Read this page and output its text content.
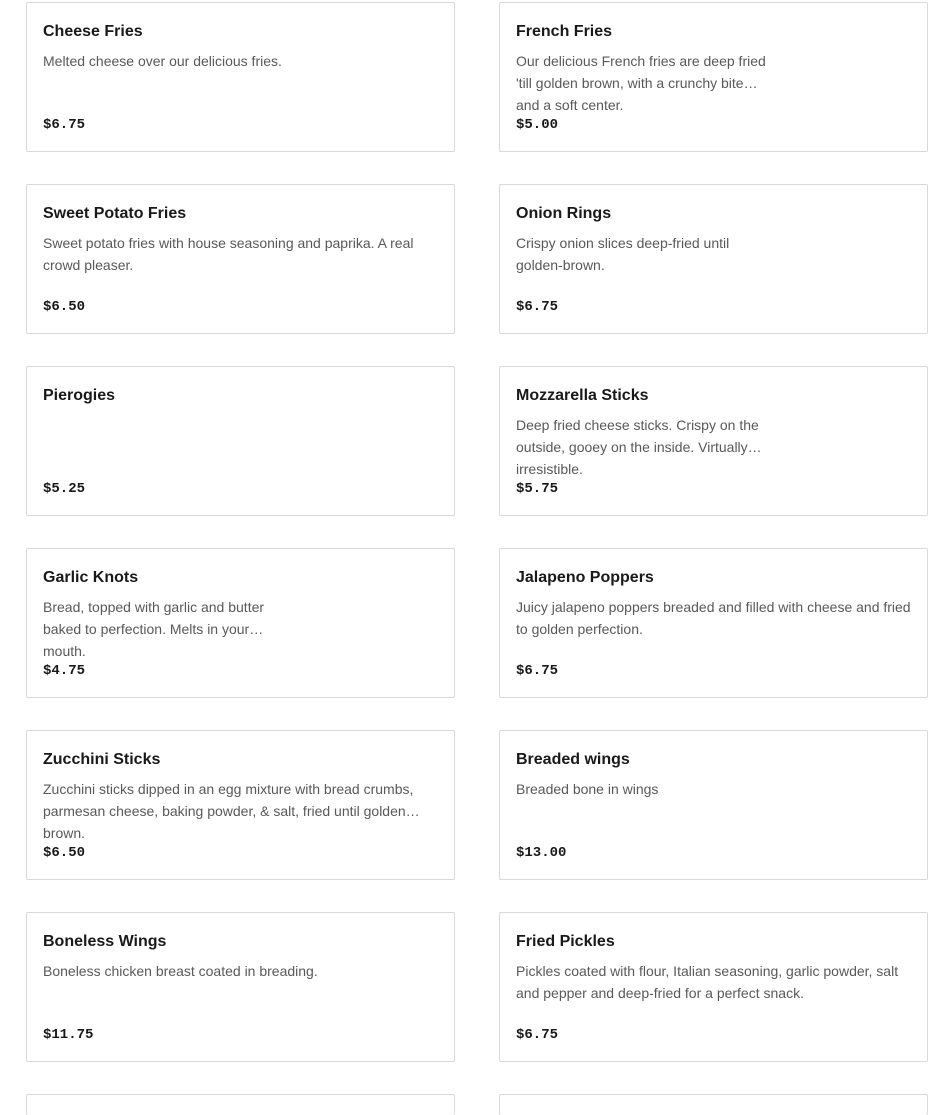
Cheese Fries
Melted cheese over our delicious fries.
$6.75
French Fries
Our delicious French fries are deep fried 'till golden brown, with a crunchy bite and a soft center.
$5.00
Sweet Potato Fries
Sweet potato fries with house seasoning and paprika. A real crowd pleaser.
$6.50
Onion Rings
Crispy onion slices deep-fried until golden-brown.
$6.75
Pierogies
$5.25
Mozzarella Sticks
Deep fried cheese sticks. Crispy on the outside, gooey on the inside. Virtually irresistible.
$5.75
Garlic Knots
Bread, topped with garlic and butter baked to perfection. Melts in your mouth.
$4.75
Jalapeno Poppers
Juicy jalapeno poppers breaded and filled with cheese and fried to golden perfection.
$6.75
Zucchini Sticks
Zucchini sticks dipped in an egg mixture with bread crumbs, parmesan cheese, baking powder, & salt, fried until golden brown.
$6.50
Breaded wings
Breaded bone in wings
$13.00
Boneless Wings
Boneless chicken breast coated in breading.
$11.75
Fried Pickles
Pickles coated with flour, Italian seasoning, garlic powder, salt and pepper and deep-fried for a perfect snack.
$6.75
